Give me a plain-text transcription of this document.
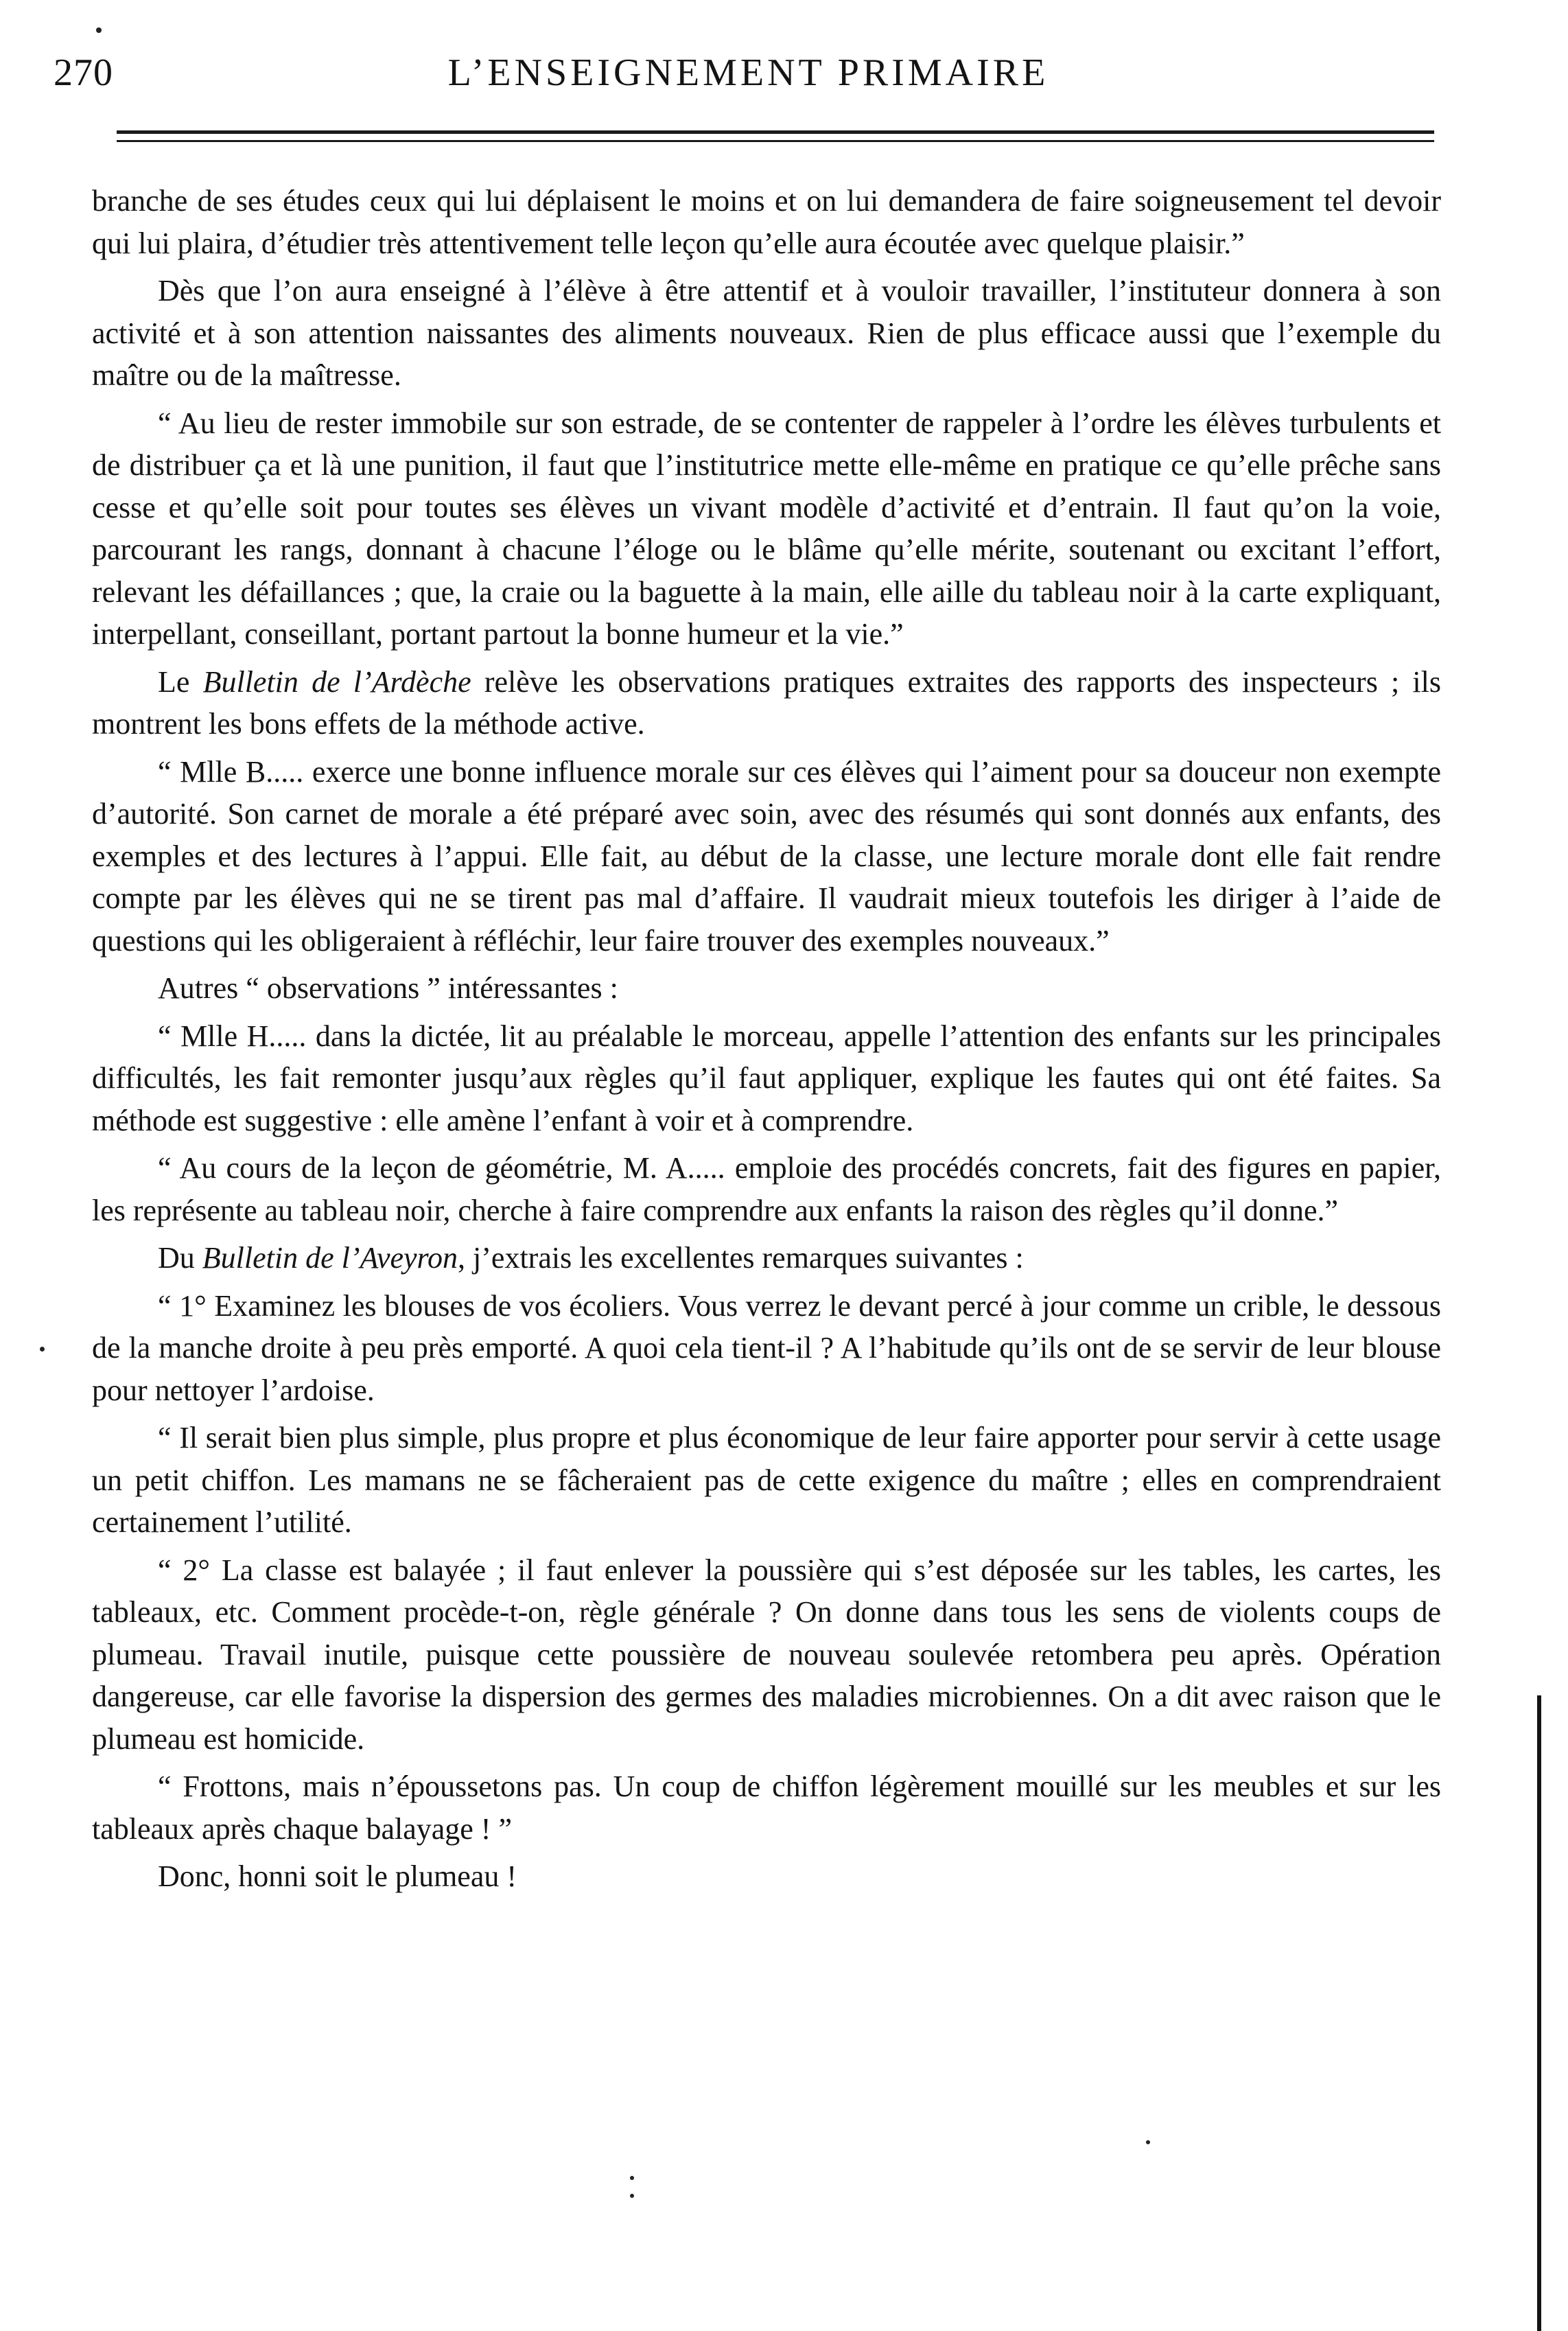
270	L’ENSEIGNEMENT PRIMAIRE

branche de ses études ceux qui lui déplaisent le moins et on lui demandera de faire soigneusement tel devoir qui lui plaira, d’étudier très attentivement telle leçon qu’elle aura écoutée avec quelque plaisir.”

Dès que l’on aura enseigné à l’élève à être attentif et à vouloir travailler, l’instituteur donnera à son activité et à son attention naissantes des aliments nouveaux. Rien de plus efficace aussi que l’exemple du maître ou de la maîtresse.

“ Au lieu de rester immobile sur son estrade, de se contenter de rappeler à l’ordre les élèves turbulents et de distribuer ça et là une punition, il faut que l’institutrice mette elle-même en pratique ce qu’elle prêche sans cesse et qu’elle soit pour toutes ses élèves un vivant modèle d’activité et d’entrain. Il faut qu’on la voie, parcourant les rangs, donnant à chacune l’éloge ou le blâme qu’elle mérite, soutenant ou excitant l’effort, relevant les défaillances ; que, la craie ou la baguette à la main, elle aille du tableau noir à la carte expliquant, interpellant, conseillant, portant partout la bonne humeur et la vie.”

Le Bulletin de l’Ardèche relève les observations pratiques extraites des rapports des inspecteurs ; ils montrent les bons effets de la méthode active.

“ Mlle B..... exerce une bonne influence morale sur ces élèves qui l’aiment pour sa douceur non exempte d’autorité. Son carnet de morale a été préparé avec soin, avec des résumés qui sont donnés aux enfants, des exemples et des lectures à l’appui. Elle fait, au début de la classe, une lecture morale dont elle fait rendre compte par les élèves qui ne se tirent pas mal d’affaire. Il vaudrait mieux toutefois les diriger à l’aide de questions qui les obligeraient à réfléchir, leur faire trouver des exemples nouveaux.”

Autres “ observations ” intéressantes :

“ Mlle H..... dans la dictée, lit au préalable le morceau, appelle l’attention des enfants sur les principales difficultés, les fait remonter jusqu’aux règles qu’il faut appliquer, explique les fautes qui ont été faites. Sa méthode est suggestive : elle amène l’enfant à voir et à comprendre.

“ Au cours de la leçon de géométrie, M. A..... emploie des procédés concrets, fait des figures en papier, les représente au tableau noir, cherche à faire comprendre aux enfants la raison des règles qu’il donne.”

Du Bulletin de l’Aveyron, j’extrais les excellentes remarques suivantes :

“ 1° Examinez les blouses de vos écoliers. Vous verrez le devant percé à jour comme un crible, le dessous de la manche droite à peu près emporté. A quoi cela tient-il ? A l’habitude qu’ils ont de se servir de leur blouse pour nettoyer l’ardoise.

“ Il serait bien plus simple, plus propre et plus économique de leur faire apporter pour servir à cette usage un petit chiffon. Les mamans ne se fâcheraient pas de cette exigence du maître ; elles en comprendraient certainement l’utilité.

“ 2° La classe est balayée ; il faut enlever la poussière qui s’est déposée sur les tables, les cartes, les tableaux, etc. Comment procède-t-on, règle générale ? On donne dans tous les sens de violents coups de plumeau. Travail inutile, puisque cette poussière de nouveau soulevée retombera peu après. Opération dangereuse, car elle favorise la dispersion des germes des maladies microbiennes. On a dit avec raison que le plumeau est homicide.

“ Frottons, mais n’époussetons pas. Un coup de chiffon légèrement mouillé sur les meubles et sur les tableaux après chaque balayage ! ”

Donc, honni soit le plumeau !
